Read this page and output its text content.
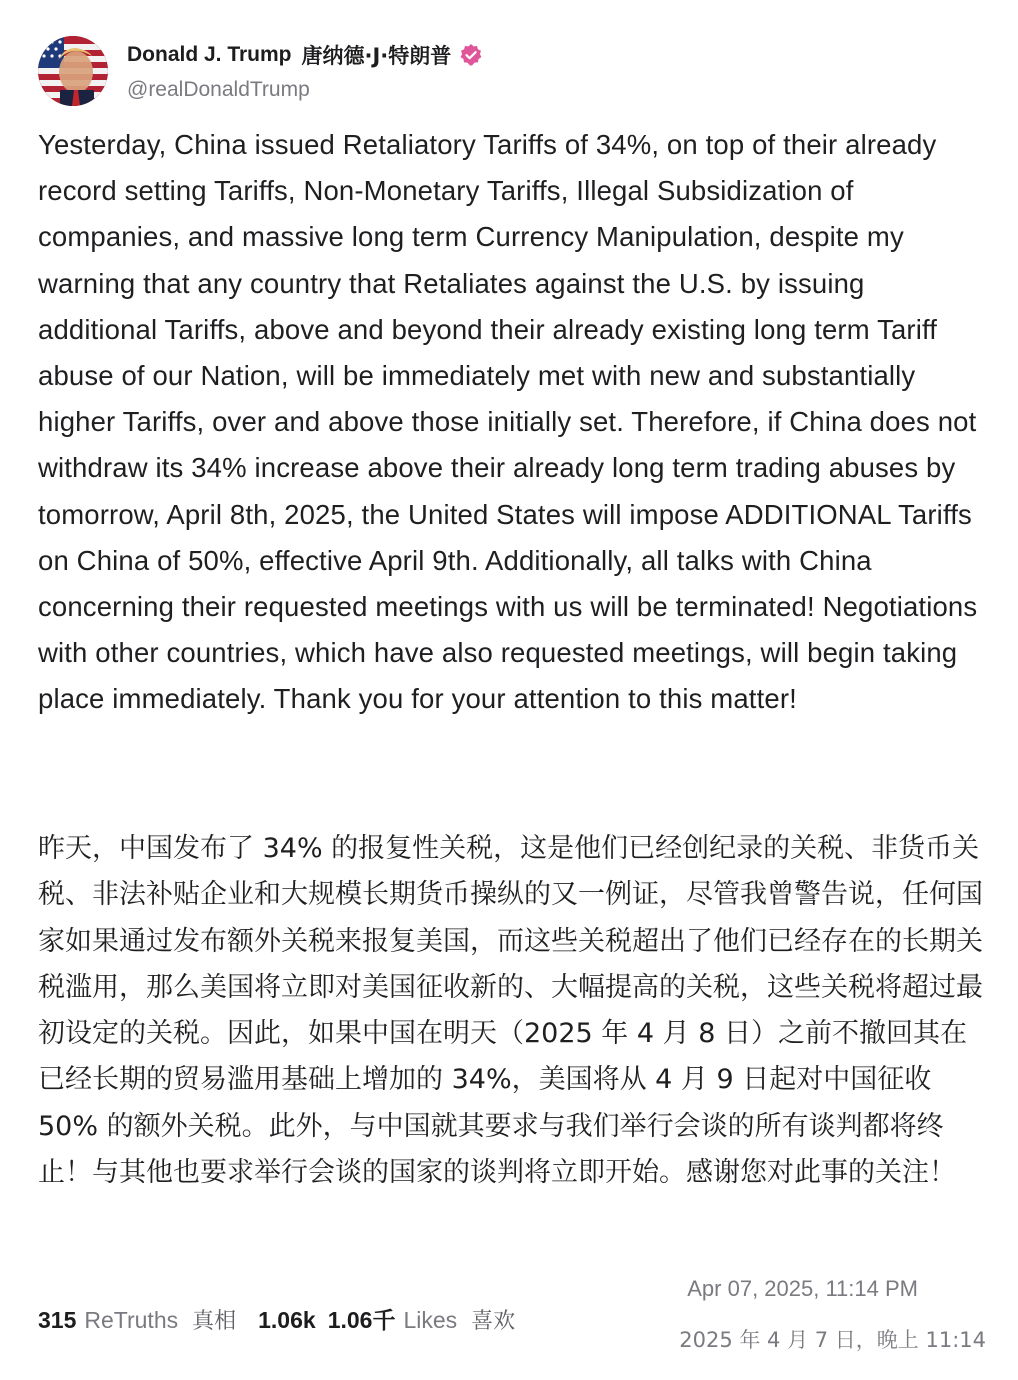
Donald J. Trump 唐纳德·J·特朗普
@realDonaldTrump
Yesterday, China issued Retaliatory Tariffs of 34%, on top of their already record setting Tariffs, Non-Monetary Tariffs, Illegal Subsidization of companies, and massive long term Currency Manipulation, despite my warning that any country that Retaliates against the U.S. by issuing additional Tariffs, above and beyond their already existing long term Tariff abuse of our Nation, will be immediately met with new and substantially higher Tariffs, over and above those initially set. Therefore, if China does not withdraw its 34% increase above their already long term trading abuses by tomorrow, April 8th, 2025, the United States will impose ADDITIONAL Tariffs on China of 50%, effective April 9th. Additionally, all talks with China concerning their requested meetings with us will be terminated! Negotiations with other countries, which have also requested meetings, will begin taking place immediately. Thank you for your attention to this matter!
昨天，中国发布了 34% 的报复性关税，这是他们已经创纪录的关税、非货币关税、非法补贴企业和大规模长期货币操纵的又一例证，尽管我曾警告说，任何国家如果通过发布额外关税来报复美国，而这些关税超出了他们已经存在的长期关税滥用，那么美国将立即对美国征收新的、大幅提高的关税，这些关税将超过最初设定的关税。因此，如果中国在明天（2025 年 4 月 8 日）之前不撤回其在已经长期的贸易滥用基础上增加的 34%，美国将从 4 月 9 日起对中国征收 50% 的额外关税。此外，与中国就其要求与我们举行会谈的所有谈判都将终止！与其他也要求举行会谈的国家的谈判将立即开始。感谢您对此事的关注！
315 ReTruths 真相 1.06k 1.06千 Likes 喜欢
Apr 07, 2025, 11:14 PM
2025 年 4 月 7 日，晚上 11:14
